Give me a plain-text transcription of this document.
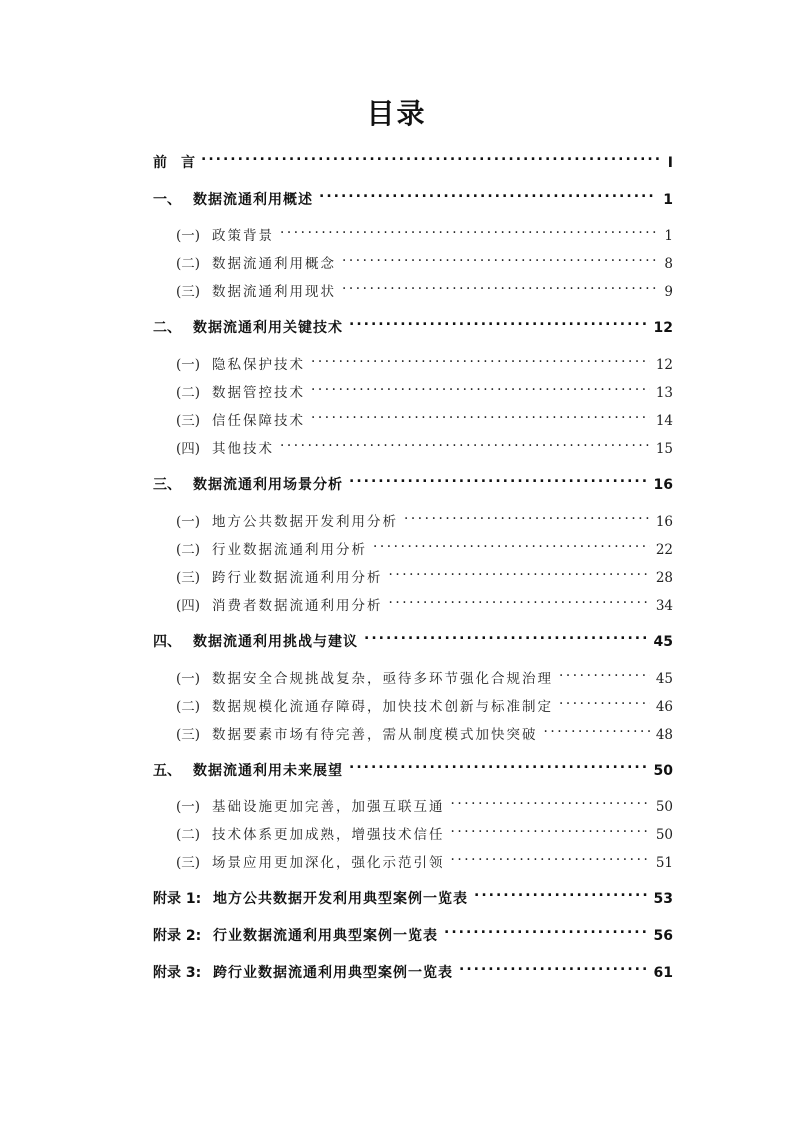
目录
前　言 .....	I
一、 数据流通利用概述 .....	1
(一) 政策背景 .....	1
(二) 数据流通利用概念 .....	8
(三) 数据流通利用现状 .....	9
二、 数据流通利用关键技术 .....	12
(一) 隐私保护技术 .....	12
(二) 数据管控技术 .....	13
(三) 信任保障技术 .....	14
(四) 其他技术 .....	15
三、 数据流通利用场景分析 .....	16
(一) 地方公共数据开发利用分析 .....	16
(二) 行业数据流通利用分析 .....	22
(三) 跨行业数据流通利用分析 .....	28
(四) 消费者数据流通利用分析 .....	34
四、 数据流通利用挑战与建议 .....	45
(一) 数据安全合规挑战复杂，亟待多环节强化合规治理 .....	45
(二) 数据规模化流通存障碍，加快技术创新与标准制定 .....	46
(三) 数据要素市场有待完善，需从制度模式加快突破 .....	48
五、 数据流通利用未来展望 .....	50
(一) 基础设施更加完善，加强互联互通 .....	50
(二) 技术体系更加成熟，增强技术信任 .....	50
(三) 场景应用更加深化，强化示范引领 .....	51
附录 1: 地方公共数据开发利用典型案例一览表 .....	53
附录 2: 行业数据流通利用典型案例一览表 .....	56
附录 3: 跨行业数据流通利用典型案例一览表 .....	61
